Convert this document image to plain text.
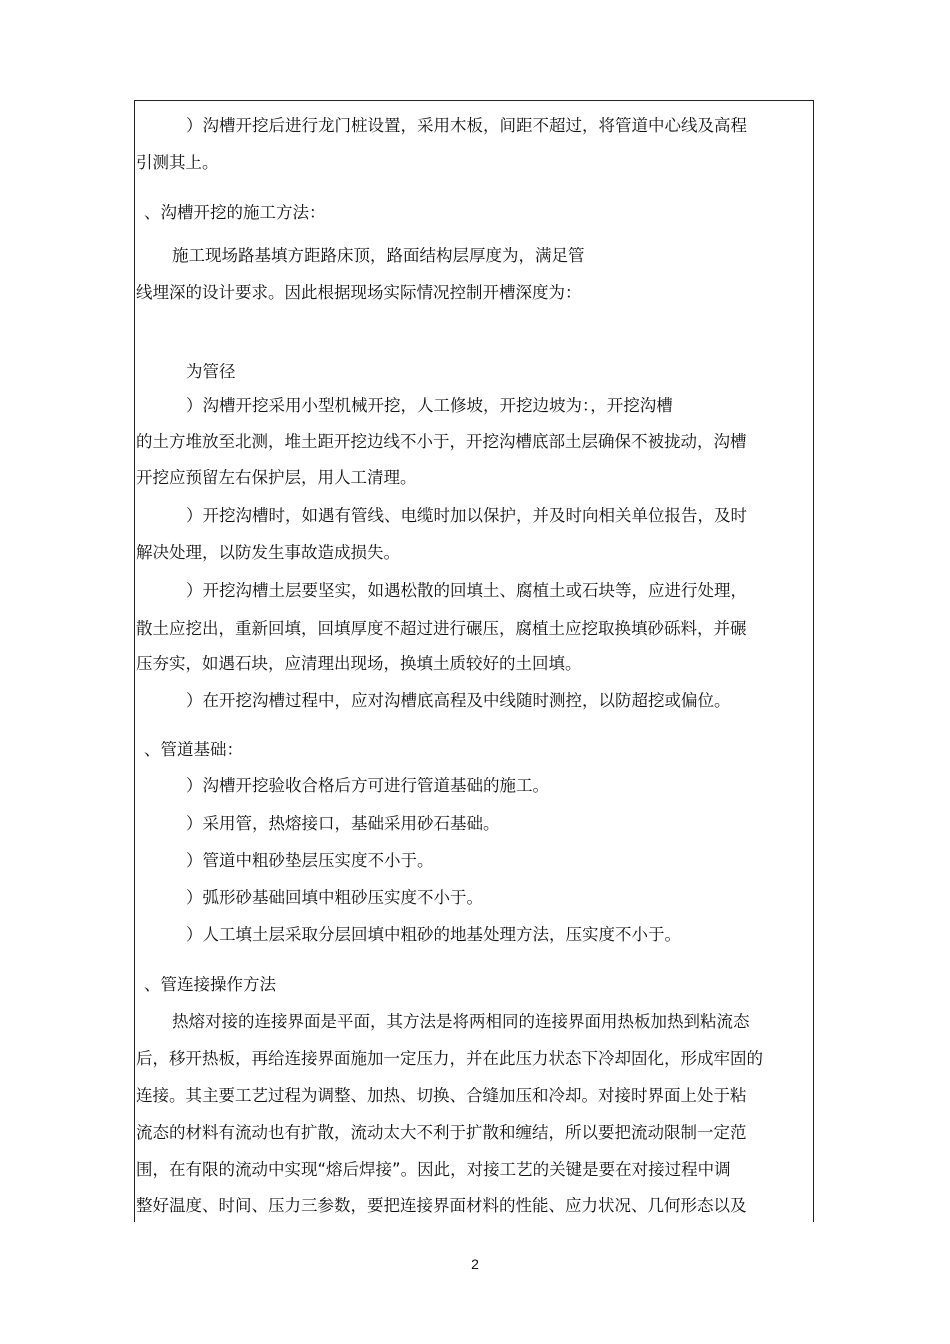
）沟槽开挖后进行龙门桩设置，采用木板，间距不超过，将管道中心线及高程
引测其上。
、沟槽开挖的施工方法：
施工现场路基填方距路床顶，路面结构层厚度为，满足管
线埋深的设计要求。因此根据现场实际情况控制开槽深度为：
为管径
）沟槽开挖采用小型机械开挖，人工修坡，开挖边坡为：，开挖沟槽
的土方堆放至北测，堆土距开挖边线不小于，开挖沟槽底部土层确保不被拢动，沟槽
开挖应预留左右保护层，用人工清理。
）开挖沟槽时，如遇有管线、电缆时加以保护，并及时向相关单位报告，及时
解决处理，以防发生事故造成损失。
）开挖沟槽土层要坚实，如遇松散的回填土、腐植土或石块等，应进行处理，
散土应挖出，重新回填，回填厚度不超过进行碾压，腐植土应挖取换填砂砾料，并碾
压夯实，如遇石块，应清理出现场，换填土质较好的土回填。
）在开挖沟槽过程中，应对沟槽底高程及中线随时测控，以防超挖或偏位。
、管道基础：
）沟槽开挖验收合格后方可进行管道基础的施工。
）采用管，热熔接口，基础采用砂石基础。
）管道中粗砂垫层压实度不小于。
）弧形砂基础回填中粗砂压实度不小于。
）人工填土层采取分层回填中粗砂的地基处理方法，压实度不小于。
、管连接操作方法
热熔对接的连接界面是平面，其方法是将两相同的连接界面用热板加热到粘流态
后，移开热板，再给连接界面施加一定压力，并在此压力状态下冷却固化，形成牢固的
连接。其主要工艺过程为调整、加热、切换、合缝加压和冷却。对接时界面上处于粘
流态的材料有流动也有扩散，流动太大不利于扩散和缠结，所以要把流动限制一定范
围，在有限的流动中实现“熔后焊接”。因此，对接工艺的关键是要在对接过程中调
整好温度、时间、压力三参数，要把连接界面材料的性能、应力状况、几何形态以及
2
